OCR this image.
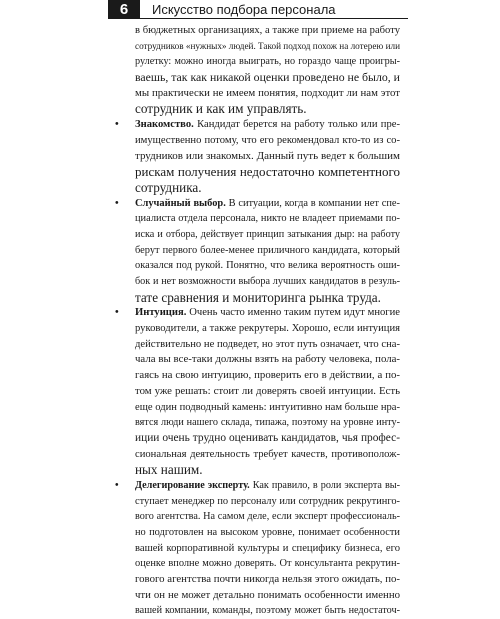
6	Искусство подбора персонала
в бюджетных организациях, а также при приеме на работу
сотрудников «нужных» людей. Такой подход похож на лотерею или
рулетку: можно иногда выиграть, но гораздо чаще проигры-
ваешь, так как никакой оценки проведено не было, и
мы практически не имеем понятия, подходит ли нам этот
сотрудник и как им управлять.
• Знакомство. Кандидат берется на работу только или пре-
имущественно потому, что его рекомендовал кто-то из со-
трудников или знакомых. Данный путь ведет к большим
рискам получения недостаточно компетентного
сотрудника.
• Случайный выбор. В ситуации, когда в компании нет спе-
циалиста отдела персонала, никто не владеет приемами по-
иска и отбора, действует принцип затыкания дыр: на работу
берут первого более-менее приличного кандидата, который
оказался под рукой. Понятно, что велика вероятность оши-
бок и нет возможности выбора лучших кандидатов в резуль-
тате сравнения и мониторинга рынка труда.
• Интуиция. Очень часто именно таким путем идут многие
руководители, а также рекрутеры. Хорошо, если интуиция
действительно не подведет, но этот путь означает, что сна-
чала вы все-таки должны взять на работу человека, пола-
гаясь на свою интуицию, проверить его в действии, а по-
том уже решать: стоит ли доверять своей интуиции. Есть
еще один подводный камень: интуитивно нам больше нра-
вятся люди нашего склада, типажа, поэтому на уровне инту-
иции очень трудно оценивать кандидатов, чья профес-
сиональная деятельность требует качеств, противополож-
ных нашим.
• Делегирование эксперту. Как правило, в роли эксперта вы-
ступает менеджер по персоналу или сотрудник рекрутинго-
вого агентства. На самом деле, если эксперт профессиональ-
но подготовлен на высоком уровне, понимает особенности
вашей корпоративной культуры и специфику бизнеса, его
оценке вполне можно доверять. От консультанта рекрутин-
гового агентства почти никогда нельзя этого ожидать, по-
чти он не может детально понимать особенности именно
вашей компании, команды, поэтому может быть недостаточ-
